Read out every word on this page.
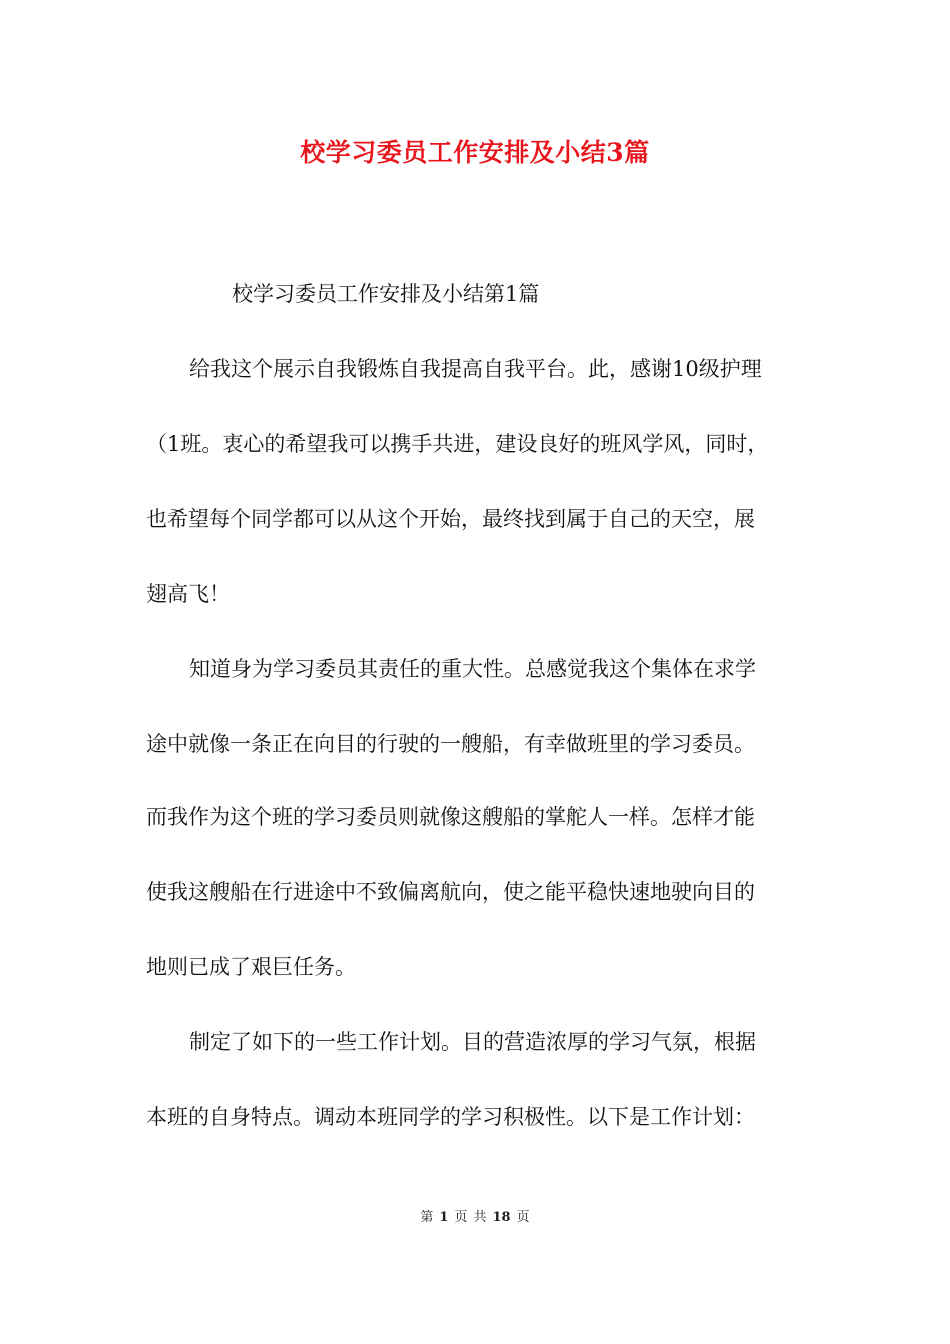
校学习委员工作安排及小结3篇
校学习委员工作安排及小结第1篇
给我这个展示自我锻炼自我提高自我平台。此，感谢10级护理
（1班。衷心的希望我可以携手共进，建设良好的班风学风，同时，
也希望每个同学都可以从这个开始，最终找到属于自己的天空，展
翅高飞！
知道身为学习委员其责任的重大性。总感觉我这个集体在求学
途中就像一条正在向目的行驶的一艘船，有幸做班里的学习委员。
而我作为这个班的学习委员则就像这艘船的掌舵人一样。怎样才能
使我这艘船在行进途中不致偏离航向，使之能平稳快速地驶向目的
地则已成了艰巨任务。
制定了如下的一些工作计划。目的营造浓厚的学习气氛，根据
本班的自身特点。调动本班同学的学习积极性。以下是工作计划：
第 1 页 共 18 页
